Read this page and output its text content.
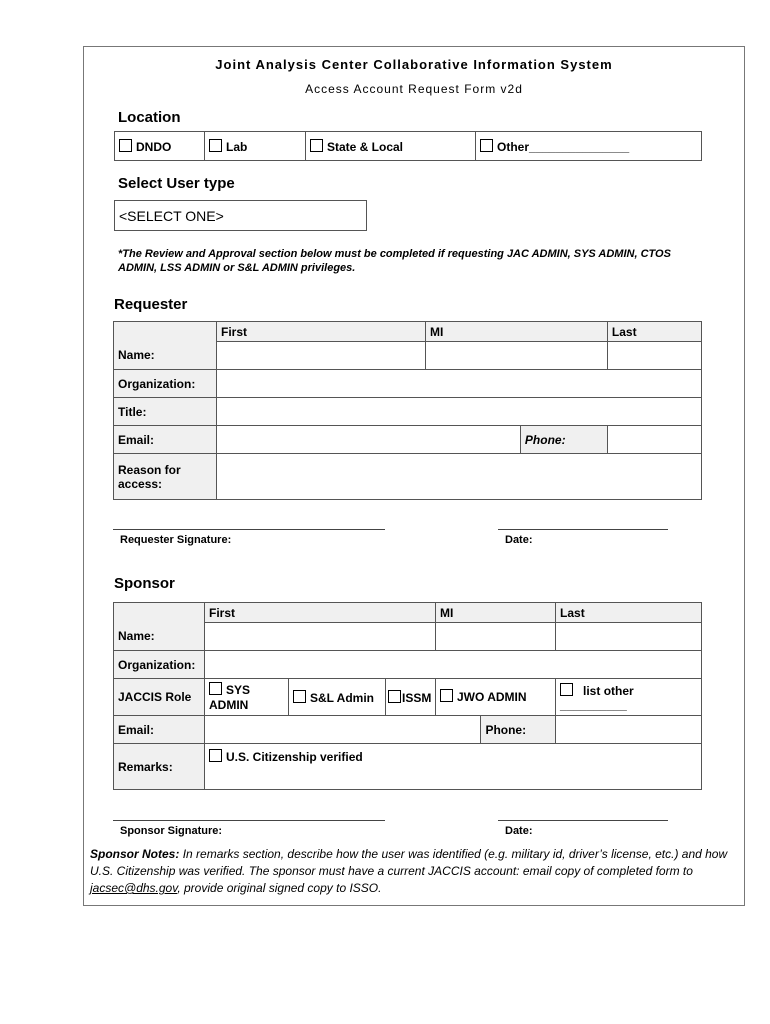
Joint Analysis Center Collaborative Information System
Access Account Request Form v2d
Location
DNDO	Lab	State & Local	Other_______________
Select User type
<SELECT ONE>
*The Review and Approval section below must be completed if requesting JAC ADMIN, SYS ADMIN, CTOS ADMIN, LSS ADMIN or S&L ADMIN privileges.
Requester
Name:	First	MI		Last

Organization:				
Title:				
Email:			Phone:	
Reason for access:				
Requester Signature:	Date:
Sponsor
Name:	First			MI		Last

Organization:						
JACCIS Role	SYS ADMIN	S&L Admin	ISSM	JWO ADMIN		list other __________
Email:					Phone:	
Remarks:	U.S. Citizenship verified					
Sponsor Signature:	Date:
Sponsor Notes: In remarks section, describe how the user was identified (e.g. military id, driver’s license, etc.) and how U.S. Citizenship was verified. The sponsor must have a current JACCIS account: email copy of completed form to jacsec@dhs.gov, provide original signed copy to ISSO.
